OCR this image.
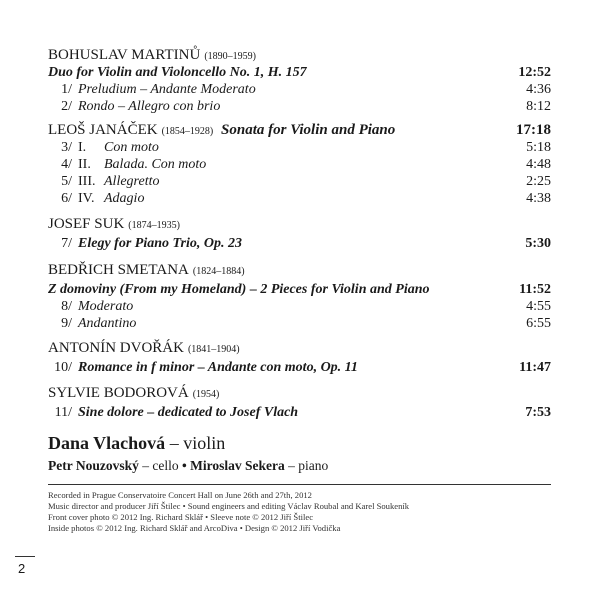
BOHUSLAV MARTINŮ (1890–1959)
Duo for Violin and Violoncello No. 1, H. 157	12:52
1/ Preludium – Andante Moderato	4:36
2/ Rondo – Allegro con brio	8:12
LEOŠ JANÁČEK (1854–1928) Sonata for Violin and Piano	17:18
3/ I. Con moto	5:18
4/ II. Balada. Con moto	4:48
5/ III. Allegretto	2:25
6/ IV. Adagio	4:38
JOSEF SUK (1874–1935)
7/ Elegy for Piano Trio, Op. 23	5:30
BEDŘICH SMETANA (1824–1884)
Z domoviny (From my Homeland) – 2 Pieces for Violin and Piano	11:52
8/ Moderato	4:55
9/ Andantino	6:55
ANTONÍN DVOŘÁK (1841–1904)
10/ Romance in f minor – Andante con moto, Op. 11	11:47
SYLVIE BODOROVÁ (1954)
11/ Sine dolore – dedicated to Josef Vlach	7:53
Dana Vlachová – violin
Petr Nouzovský – cello • Miroslav Sekera – piano
Recorded in Prague Conservatoire Concert Hall on June 26th and 27th, 2012
Music director and producer Jiří Štilec • Sound engineers and editing Václav Roubal and Karel Soukeník
Front cover photo © 2012 Ing. Richard Sklář • Sleeve note © 2012 Jiří Štilec
Inside photos © 2012 Ing. Richard Sklář and ArcoDiva • Design © 2012 Jiří Vodička
2
